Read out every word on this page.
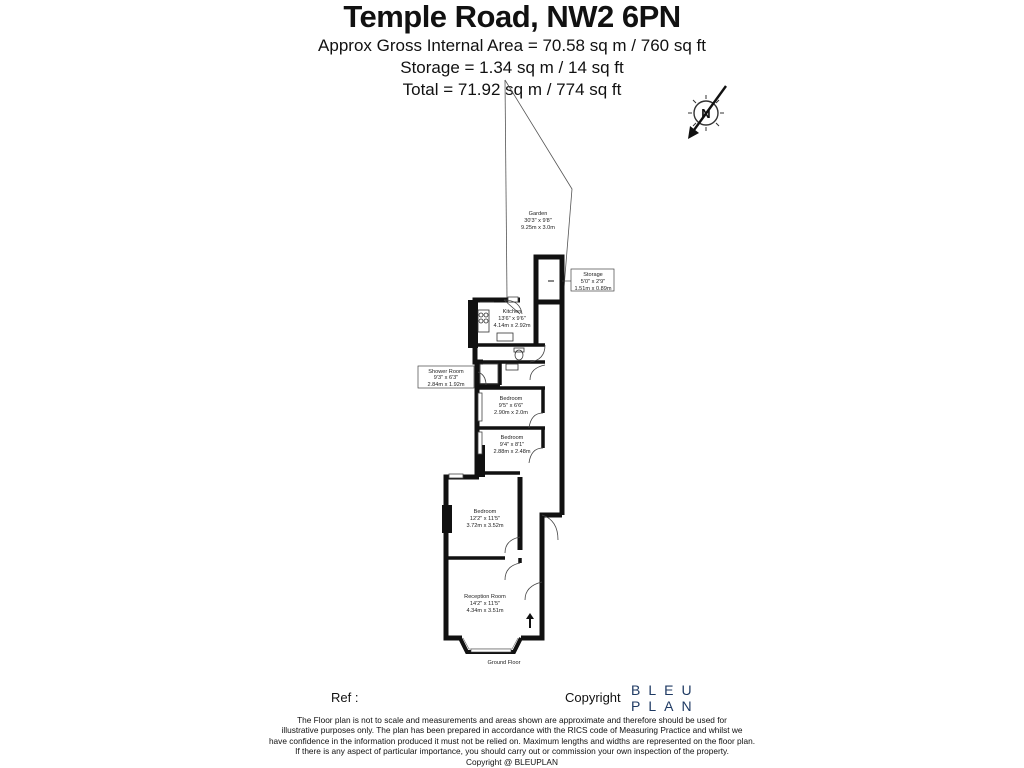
Temple Road, NW2 6PN
Approx Gross Internal Area = 70.58 sq m / 760 sq ft
Storage = 1.34 sq m / 14 sq ft
Total = 71.92 sq m / 774 sq ft
N
Garden
30'3" x 9'8"
9.25m x 3.0m
Storage
5'0" x 2'9"
1.51m x 0.89m
Kitchen
13'6" x 9'6"
4.14m x 2.92m
Shower Room
9'3" x 6'3"
2.84m x 1.92m
Bedroom
9'5" x 6'6"
2.90m x 2.0m
Bedroom
9'4" x 8'1"
2.88m x 2.48m
Bedroom
12'2" x 11'5"
3.72m x 3.52m
Reception Room
14'2" x 11'5"
4.34m x 3.51m
Ground Floor
Ref :	Copyright BLEU
PLAN
The Floor plan is not to scale and measurements and areas shown are approximate and therefore should be used for
illustrative purposes only. The plan has been prepared in accordance with the RICS code of Measuring Practice and whilst we
have confidence in the information produced it must not be relied on. Maximum lengths and widths are represented on the floor plan.
If there is any aspect of particular importance, you should carry out or commission your own inspection of the property.
Copyright @ BLEUPLAN
